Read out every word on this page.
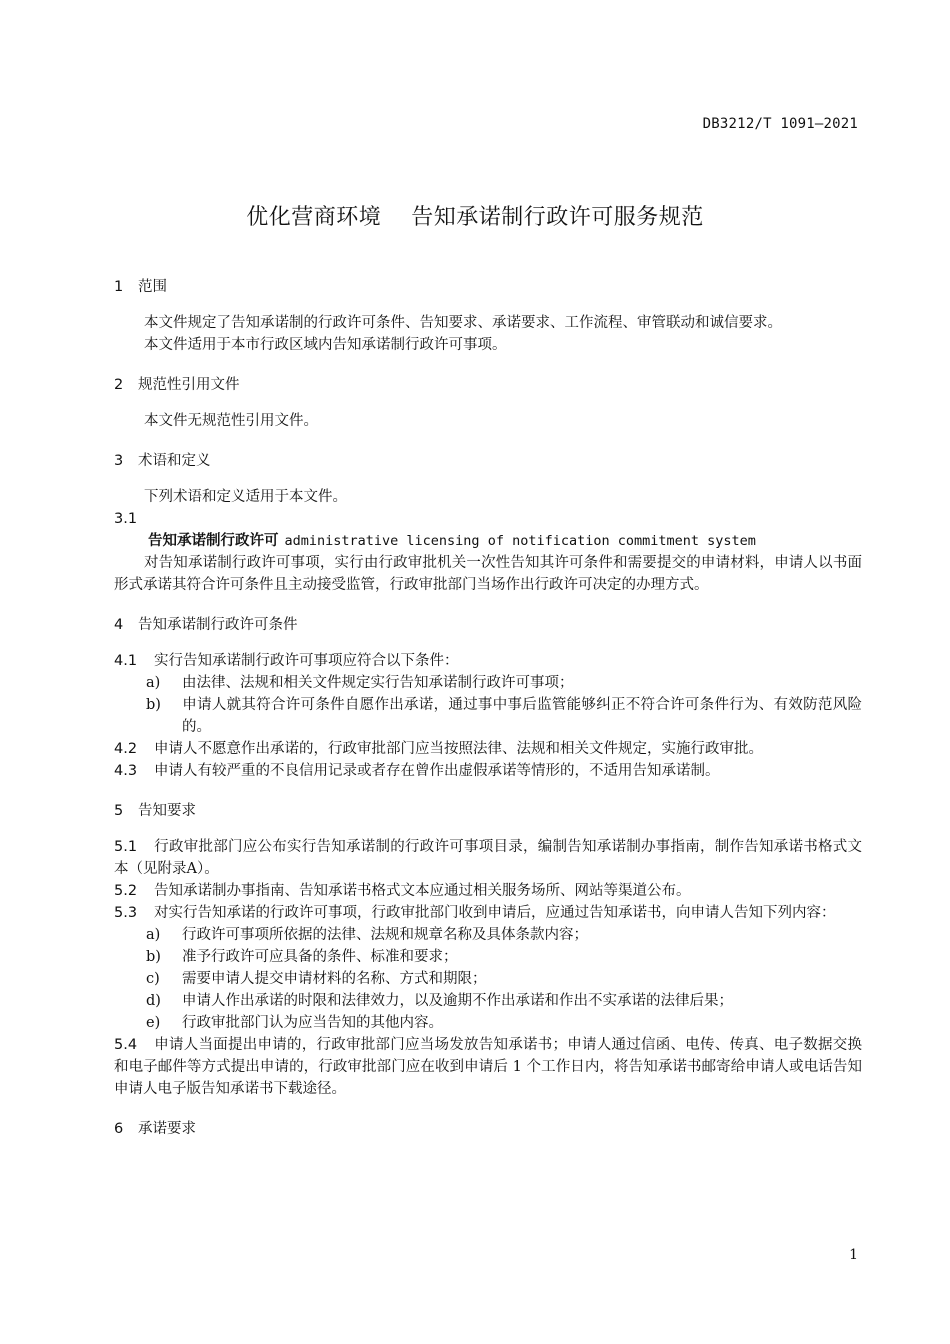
DB3212/T 1091—2021
优化营商环境 告知承诺制行政许可服务规范

1 范围

本文件规定了告知承诺制的行政许可条件、告知要求、承诺要求、工作流程、审管联动和诚信要求。

本文件适用于本市行政区域内告知承诺制行政许可事项。

2 规范性引用文件

本文件无规范性引用文件。

3 术语和定义

下列术语和定义适用于本文件。

3.1

告知承诺制行政许可 administrative licensing of notification commitment system

对告知承诺制行政许可事项，实行由行政审批机关一次性告知其许可条件和需要提交的申请材料，申请人以书面形式承诺其符合许可条件且主动接受监管，行政审批部门当场作出行政许可决定的办理方式。

4 告知承诺制行政许可条件

4.1 实行告知承诺制行政许可事项应符合以下条件：

a) 由法律、法规和相关文件规定实行告知承诺制行政许可事项；

b) 申请人就其符合许可条件自愿作出承诺，通过事中事后监管能够纠正不符合许可条件行为、有效防范风险的。

4.2 申请人不愿意作出承诺的，行政审批部门应当按照法律、法规和相关文件规定，实施行政审批。

4.3 申请人有较严重的不良信用记录或者存在曾作出虚假承诺等情形的，不适用告知承诺制。

5 告知要求

5.1 行政审批部门应公布实行告知承诺制的行政许可事项目录，编制告知承诺制办事指南，制作告知承诺书格式文本（见附录A）。

5.2 告知承诺制办事指南、告知承诺书格式文本应通过相关服务场所、网站等渠道公布。

5.3 对实行告知承诺的行政许可事项，行政审批部门收到申请后，应通过告知承诺书，向申请人告知下列内容：

a) 行政许可事项所依据的法律、法规和规章名称及具体条款内容；

b) 准予行政许可应具备的条件、标准和要求；

c) 需要申请人提交申请材料的名称、方式和期限；

d) 申请人作出承诺的时限和法律效力，以及逾期不作出承诺和作出不实承诺的法律后果；

e) 行政审批部门认为应当告知的其他内容。

5.4 申请人当面提出申请的，行政审批部门应当场发放告知承诺书；申请人通过信函、电传、传真、电子数据交换和电子邮件等方式提出申请的，行政审批部门应在收到申请后 1 个工作日内，将告知承诺书邮寄给申请人或电话告知申请人电子版告知承诺书下载途径。

6 承诺要求

1
